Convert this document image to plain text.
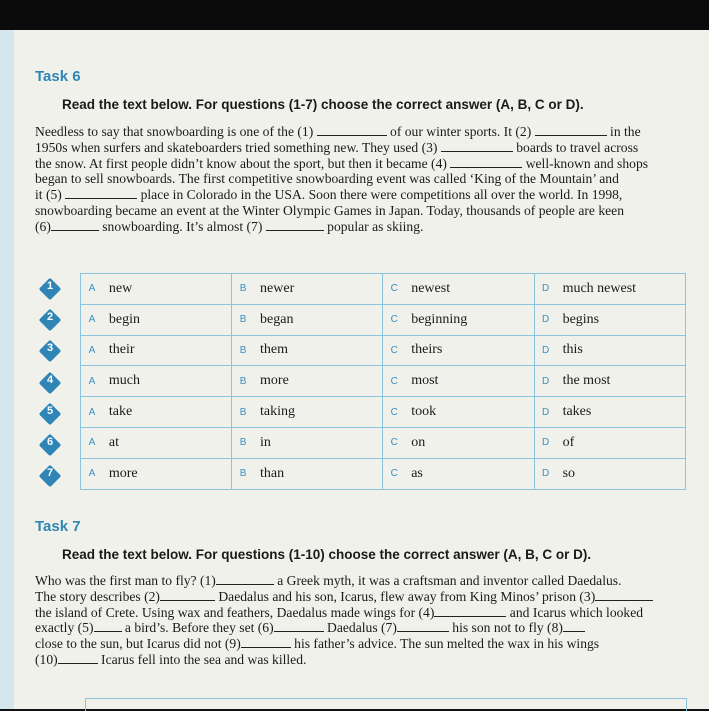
Task 6
Read the text below. For questions (1-7) choose the correct answer (A, B, C or D).
Needless to say that snowboarding is one of the (1)	of our winter sports. It (2)	in the
1950s when surfers and skateboarders tried something new. They used (3)	boards to travel across
the snow. At first people didn’t know about the sport, but then it became (4)	well-known and shops
began to sell snowboards. The first competitive snowboarding event was called ‘King of the Mountain’ and
it (5)	place in Colorado in the USA. Soon there were competitions all over the world. In 1998,
snowboarding became an event at the Winter Olympic Games in Japan. Today, thousands of people are keen
(6)	snowboarding. It’s almost (7)	popular as skiing.
A	new	B	newer	C	newest	D	much newest
A	begin	B	began	C	beginning	D	begins
A	their	B	them	C	theirs	D	this
A	much	B	more	C	most	D	the most
A	take	B	taking	C	took	D	takes
A	at	B	in	C	on	D	of
A	more	B	than	C	as	D	so
1
2
3
4
5
6
7
Task 7
Read the text below. For questions (1-10) choose the correct answer (A, B, C or D).
Who was the first man to fly? (1)	a Greek myth, it was a craftsman and inventor called Daedalus.
The story describes (2)	Daedalus and his son, Icarus, flew away from King Minos’ prison (3)
the island of Crete. Using wax and feathers, Daedalus made wings for (4)	and Icarus which looked
exactly (5) a bird’s. Before they set (6)	Daedalus (7)	his son not to fly (8)
close to the sun, but Icarus did not (9)	his father’s advice. The sun melted the wax in his wings
(10)	Icarus fell into the sea and was killed.
